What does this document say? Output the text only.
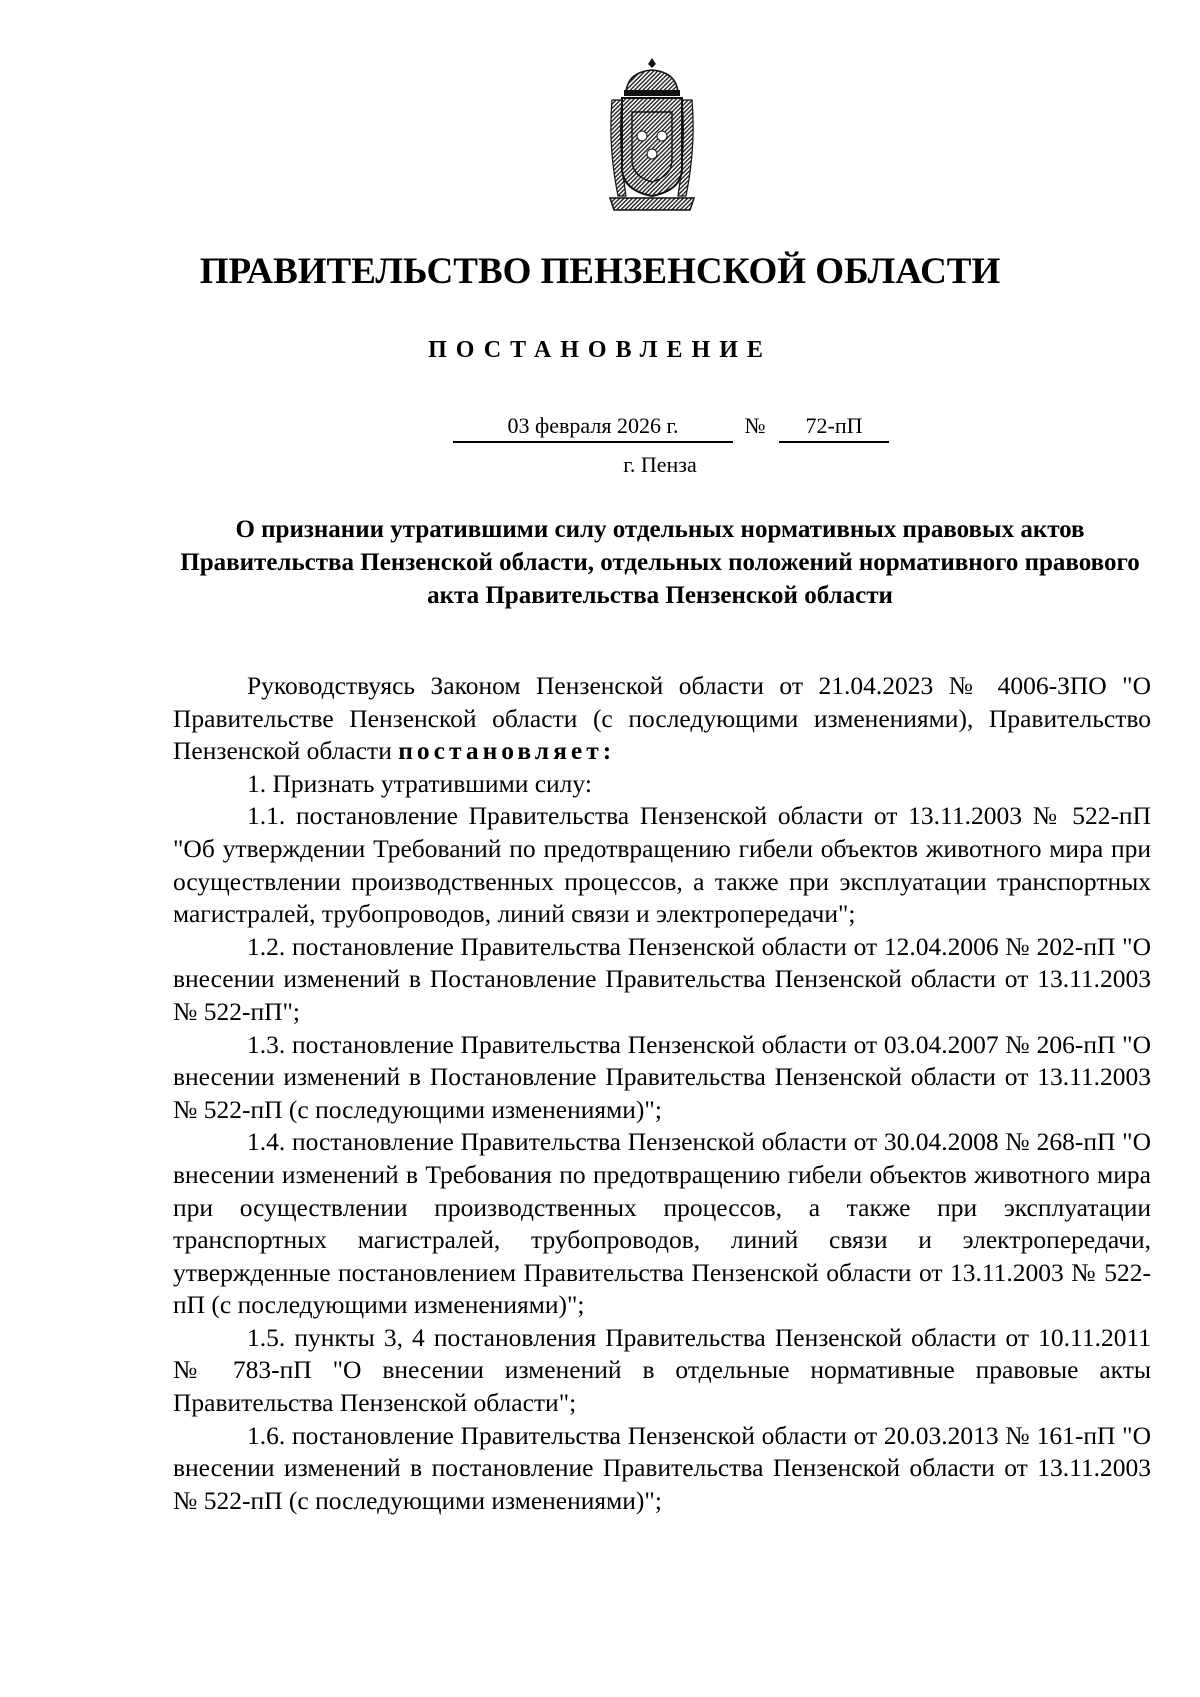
ПРАВИТЕЛЬСТВО ПЕНЗЕНСКОЙ ОБЛАСТИ
ПОСТАНОВЛЕНИЕ
03 февраля 2026 г.	№	72-пП
г. Пенза
О признании утратившими силу отдельных нормативных правовых актов Правительства Пензенской области, отдельных положений нормативного правового акта Правительства Пензенской области

Руководствуясь Законом Пензенской области от 21.04.2023 № 4006-ЗПО "О Правительстве Пензенской области (с последующими изменениями), Правительство Пензенской области постановляет:

1. Признать утратившими силу:

1.1. постановление Правительства Пензенской области от 13.11.2003 № 522-пП "Об утверждении Требований по предотвращению гибели объектов животного мира при осуществлении производственных процессов, а также при эксплуатации транспортных магистралей, трубопроводов, линий связи и электропередачи";

1.2. постановление Правительства Пензенской области от 12.04.2006 № 202-пП "О внесении изменений в Постановление Правительства Пензенской области от 13.11.2003 № 522-пП";

1.3. постановление Правительства Пензенской области от 03.04.2007 № 206-пП "О внесении изменений в Постановление Правительства Пензенской области от 13.11.2003 № 522-пП (с последующими изменениями)";

1.4. постановление Правительства Пензенской области от 30.04.2008 № 268-пП "О внесении изменений в Требования по предотвращению гибели объектов животного мира при осуществлении производственных процессов, а также при эксплуатации транспортных магистралей, трубопроводов, линий связи и электропередачи, утвержденные постановлением Правительства Пензенской области от 13.11.2003 № 522-пП (с последующими изменениями)";

1.5. пункты 3, 4 постановления Правительства Пензенской области от 10.11.2011 № 783-пП "О внесении изменений в отдельные нормативные правовые акты Правительства Пензенской области";

1.6. постановление Правительства Пензенской области от 20.03.2013 № 161-пП "О внесении изменений в постановление Правительства Пензенской области от 13.11.2003 № 522-пП (с последующими изменениями)";
